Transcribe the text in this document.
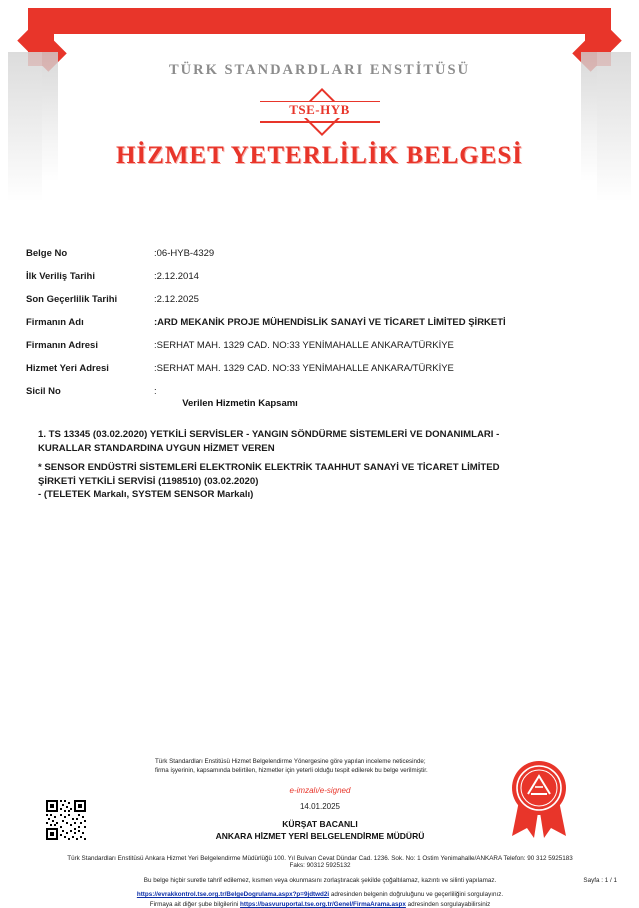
TÜRK STANDARDLARI ENSTİTÜSÜ
TSE-HYB
HİZMET YETERLİLİK BELGESİ
Belge No	:06-HYB-4329
İlk Veriliş Tarihi	:2.12.2014
Son Geçerlilik Tarihi	:2.12.2025
Firmanın Adı	:ARD MEKANİK PROJE MÜHENDİSLİK SANAYİ VE TİCARET LİMİTED ŞİRKETİ
Firmanın Adresi	:SERHAT MAH. 1329 CAD. NO:33 YENİMAHALLE ANKARA/TÜRKİYE
Hizmet Yeri Adresi	:SERHAT MAH. 1329 CAD. NO:33 YENİMAHALLE ANKARA/TÜRKİYE
Sicil No	:
Verilen Hizmetin Kapsamı

1. TS 13345 (03.02.2020) YETKİLİ SERVİSLER - YANGIN SÖNDÜRME SİSTEMLERİ VE DONANIMLARI -

KURALLAR STANDARDINA UYGUN HİZMET VEREN

* SENSOR ENDÜSTRİ SİSTEMLERİ ELEKTRONİK ELEKTRİK TAAHHUT SANAYİ VE TİCARET LİMİTED

ŞİRKETİ YETKİLİ SERVİSİ (1198510) (03.02.2020)

- (TELETEK Markalı, SYSTEM SENSOR Markalı)

Türk Standardları Enstitüsü Hizmet Belgelendirme Yönergesine göre yapılan inceleme neticesinde;
firma işyerinin, kapsamında belirtilen, hizmetler için yeterli olduğu tespit edilerek bu belge verilmiştir.
e-imzalı/e-signed
14.01.2025
KÜRŞAT BACANLI
ANKARA HİZMET YERİ BELGELENDİRME MÜDÜRÜ
Türk Standardları Enstitüsü Ankara Hizmet Yeri Belgelendirme Müdürlüğü 100. Yıl Bulvarı Cevat Dündar Cad. 1236. Sok. No: 1 Ostim Yenimahalle/ANKARA Telefon: 90 312 5925183 Faks: 90312 5925132
Bu belge hiçbir suretle tahrif edilemez, kısmen veya okunmasını zorlaştıracak şekilde çoğaltılamaz, kazıntı ve silinti yapılamaz.	Sayfa : 1 / 1
https://evrakkontrol.tse.org.tr/BelgeDogrulama.aspx?p=9jdtwd2i adresinden belgenin doğruluğunu ve geçerliliğini sorgulayınız.
Firmaya ait diğer şube bilgilerini https://basvuruportal.tse.org.tr/Genel/FirmaArama.aspx adresinden sorgulayabilirsiniz
